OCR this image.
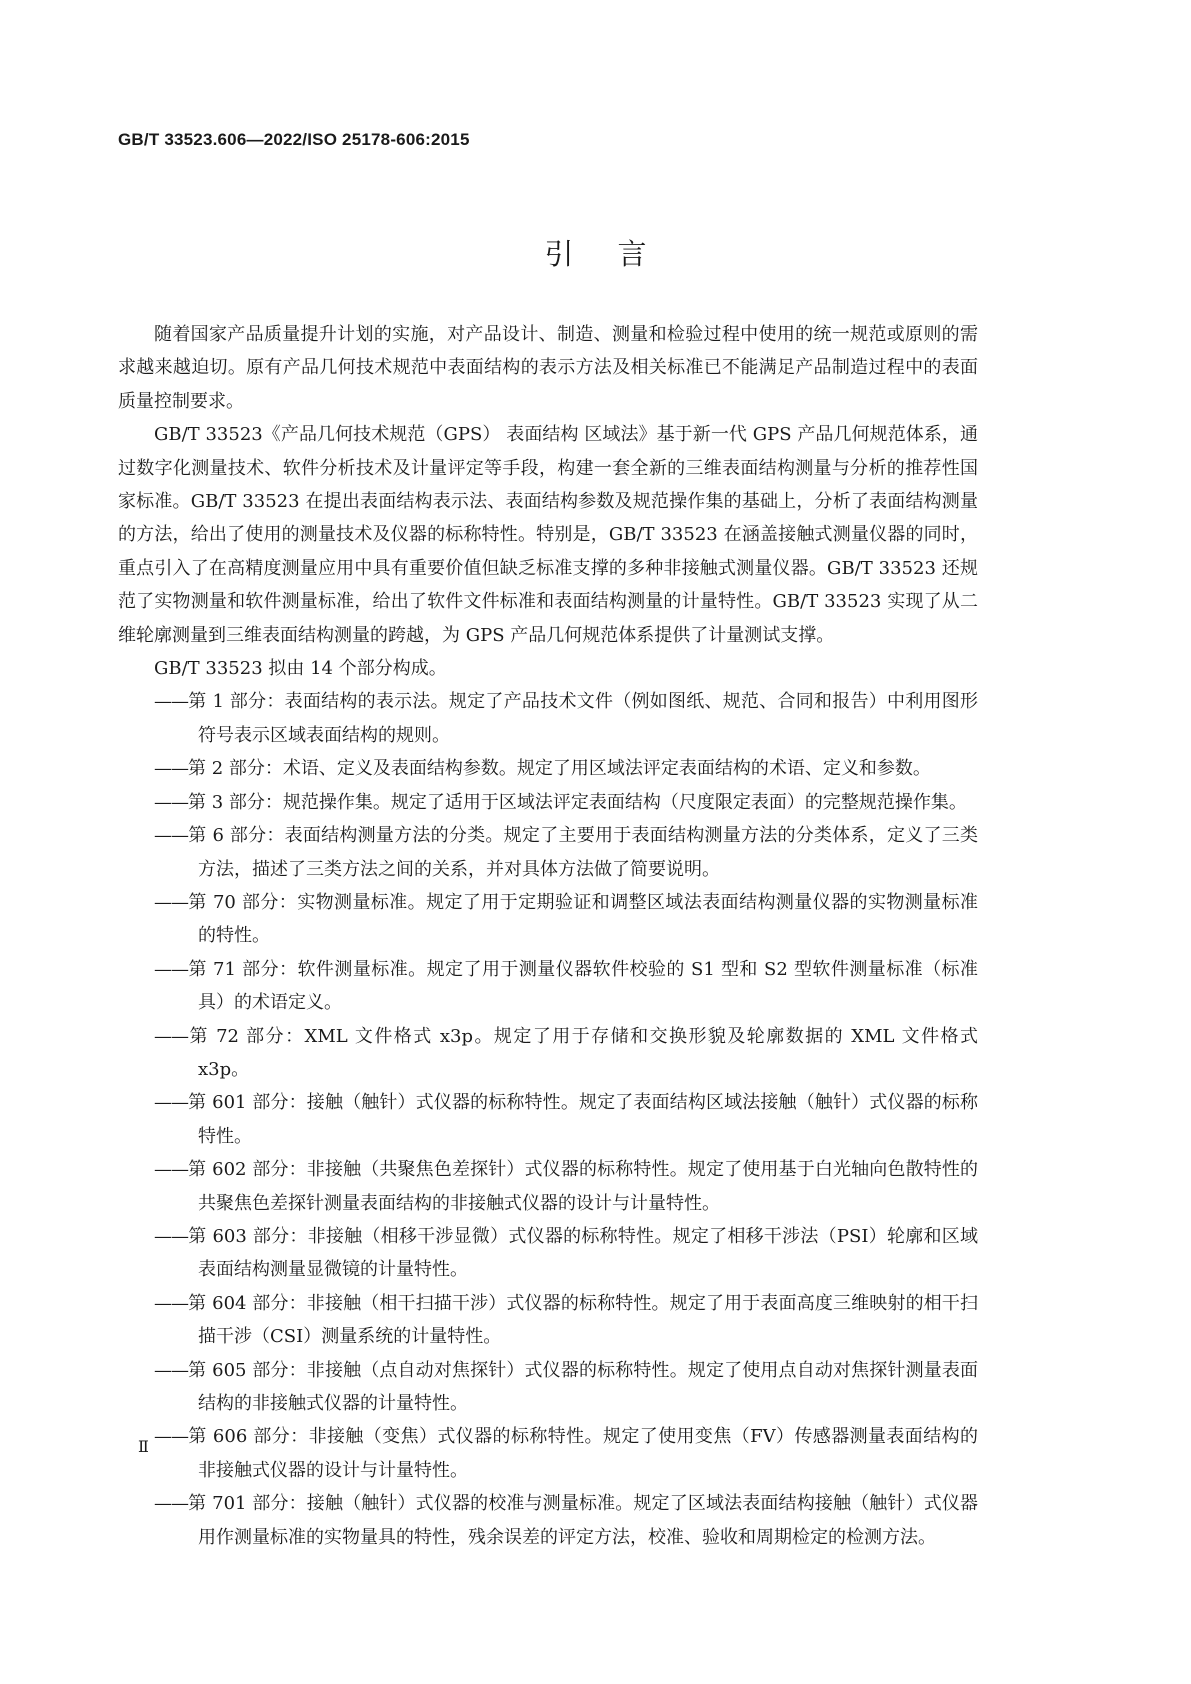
GB/T 33523.606—2022/ISO 25178-606:2015
引言

随着国家产品质量提升计划的实施，对产品设计、制造、测量和检验过程中使用的统一规范或原则的需求越来越迫切。原有产品几何技术规范中表面结构的表示方法及相关标准已不能满足产品制造过程中的表面质量控制要求。

GB/T 33523《产品几何技术规范（GPS） 表面结构 区域法》基于新一代 GPS 产品几何规范体系，通过数字化测量技术、软件分析技术及计量评定等手段，构建一套全新的三维表面结构测量与分析的推荐性国家标准。GB/T 33523 在提出表面结构表示法、表面结构参数及规范操作集的基础上，分析了表面结构测量的方法，给出了使用的测量技术及仪器的标称特性。特别是，GB/T 33523 在涵盖接触式测量仪器的同时，重点引入了在高精度测量应用中具有重要价值但缺乏标准支撑的多种非接触式测量仪器。GB/T 33523 还规范了实物测量和软件测量标准，给出了软件文件标准和表面结构测量的计量特性。GB/T 33523 实现了从二维轮廓测量到三维表面结构测量的跨越，为 GPS 产品几何规范体系提供了计量测试支撑。

GB/T 33523 拟由 14 个部分构成。

——第 1 部分：表面结构的表示法。规定了产品技术文件（例如图纸、规范、合同和报告）中利用图形符号表示区域表面结构的规则。
——第 2 部分：术语、定义及表面结构参数。规定了用区域法评定表面结构的术语、定义和参数。
——第 3 部分：规范操作集。规定了适用于区域法评定表面结构（尺度限定表面）的完整规范操作集。
——第 6 部分：表面结构测量方法的分类。规定了主要用于表面结构测量方法的分类体系，定义了三类方法，描述了三类方法之间的关系，并对具体方法做了简要说明。
——第 70 部分：实物测量标准。规定了用于定期验证和调整区域法表面结构测量仪器的实物测量标准的特性。
——第 71 部分：软件测量标准。规定了用于测量仪器软件校验的 S1 型和 S2 型软件测量标准（标准具）的术语定义。
——第 72 部分：XML 文件格式 x3p。规定了用于存储和交换形貌及轮廓数据的 XML 文件格式 x3p。
——第 601 部分：接触（触针）式仪器的标称特性。规定了表面结构区域法接触（触针）式仪器的标称特性。
——第 602 部分：非接触（共聚焦色差探针）式仪器的标称特性。规定了使用基于白光轴向色散特性的共聚焦色差探针测量表面结构的非接触式仪器的设计与计量特性。
——第 603 部分：非接触（相移干涉显微）式仪器的标称特性。规定了相移干涉法（PSI）轮廓和区域表面结构测量显微镜的计量特性。
——第 604 部分：非接触（相干扫描干涉）式仪器的标称特性。规定了用于表面高度三维映射的相干扫描干涉（CSI）测量系统的计量特性。
——第 605 部分：非接触（点自动对焦探针）式仪器的标称特性。规定了使用点自动对焦探针测量表面结构的非接触式仪器的计量特性。
——第 606 部分：非接触（变焦）式仪器的标称特性。规定了使用变焦（FV）传感器测量表面结构的非接触式仪器的设计与计量特性。
——第 701 部分：接触（触针）式仪器的校准与测量标准。规定了区域法表面结构接触（触针）式仪器用作测量标准的实物量具的特性，残余误差的评定方法，校准、验收和周期检定的检测方法。
Ⅱ
